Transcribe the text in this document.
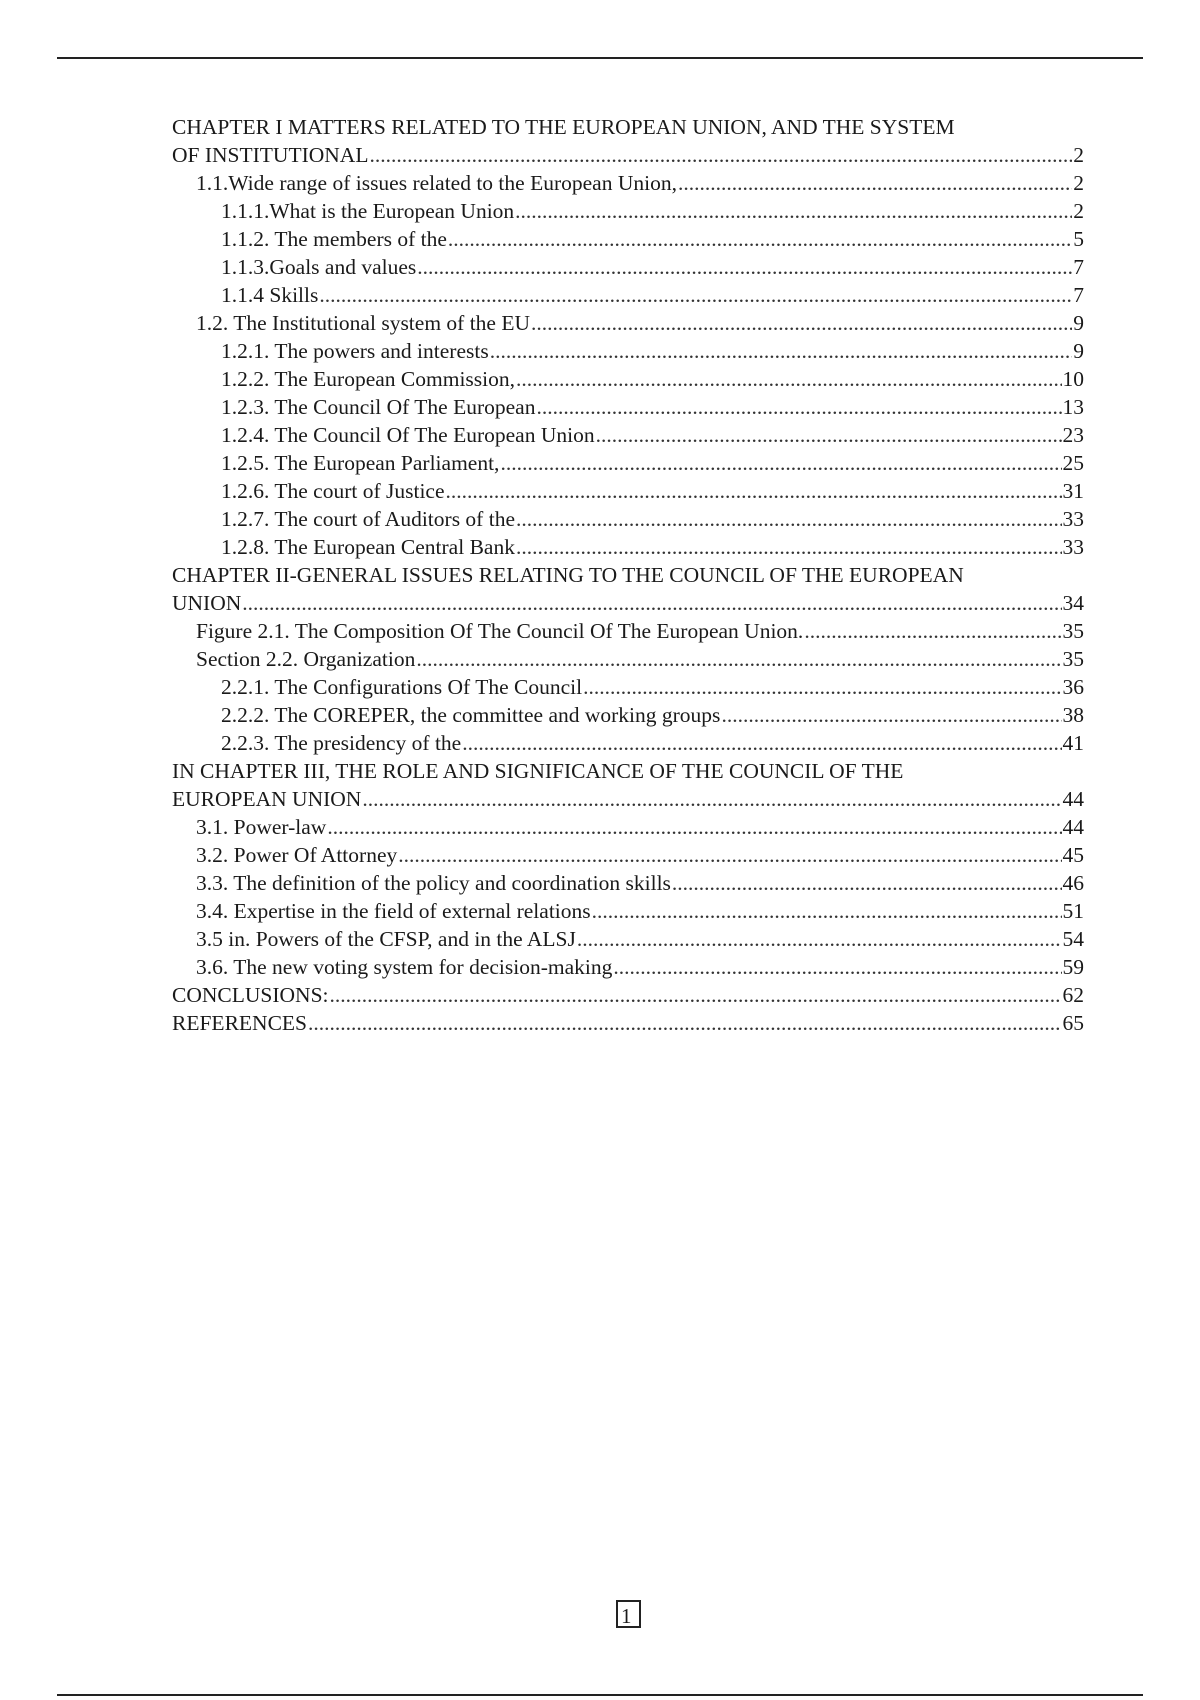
CHAPTER I MATTERS RELATED TO THE EUROPEAN UNION, AND THE SYSTEM
OF INSTITUTIONAL .....	2
1.1.Wide range of issues related to the European Union, .....	2
1.1.1.What is the European Union .....	2
1.1.2. The members of the .....	5
1.1.3.Goals and values .....	7
1.1.4 Skills .....	7
1.2. The Institutional system of the EU .....	9
1.2.1. The powers and interests .....	9
1.2.2. The European Commission, .....	10
1.2.3. The Council Of The European .....	13
1.2.4. The Council Of The European Union .....	23
1.2.5. The European Parliament, .....	25
1.2.6. The court of Justice .....	31
1.2.7. The court of Auditors of the .....	33
1.2.8. The European Central Bank .....	33
CHAPTER II-GENERAL ISSUES RELATING TO THE COUNCIL OF THE EUROPEAN
UNION .....	34
Figure 2.1. The Composition Of The Council Of The European Union. .....	35
Section 2.2. Organization .....	35
2.2.1. The Configurations Of The Council .....	36
2.2.2. The COREPER, the committee and working groups .....	38
2.2.3. The presidency of the .....	41
IN CHAPTER III, THE ROLE AND SIGNIFICANCE OF THE COUNCIL OF THE
EUROPEAN UNION .....	44
3.1. Power-law .....	44
3.2. Power Of Attorney .....	45
3.3. The definition of the policy and coordination skills .....	46
3.4. Expertise in the field of external relations .....	51
3.5 in. Powers of the CFSP, and in the ALSJ .....	54
3.6. The new voting system for decision-making .....	59
CONCLUSIONS: .....	62
REFERENCES .....	65
1
